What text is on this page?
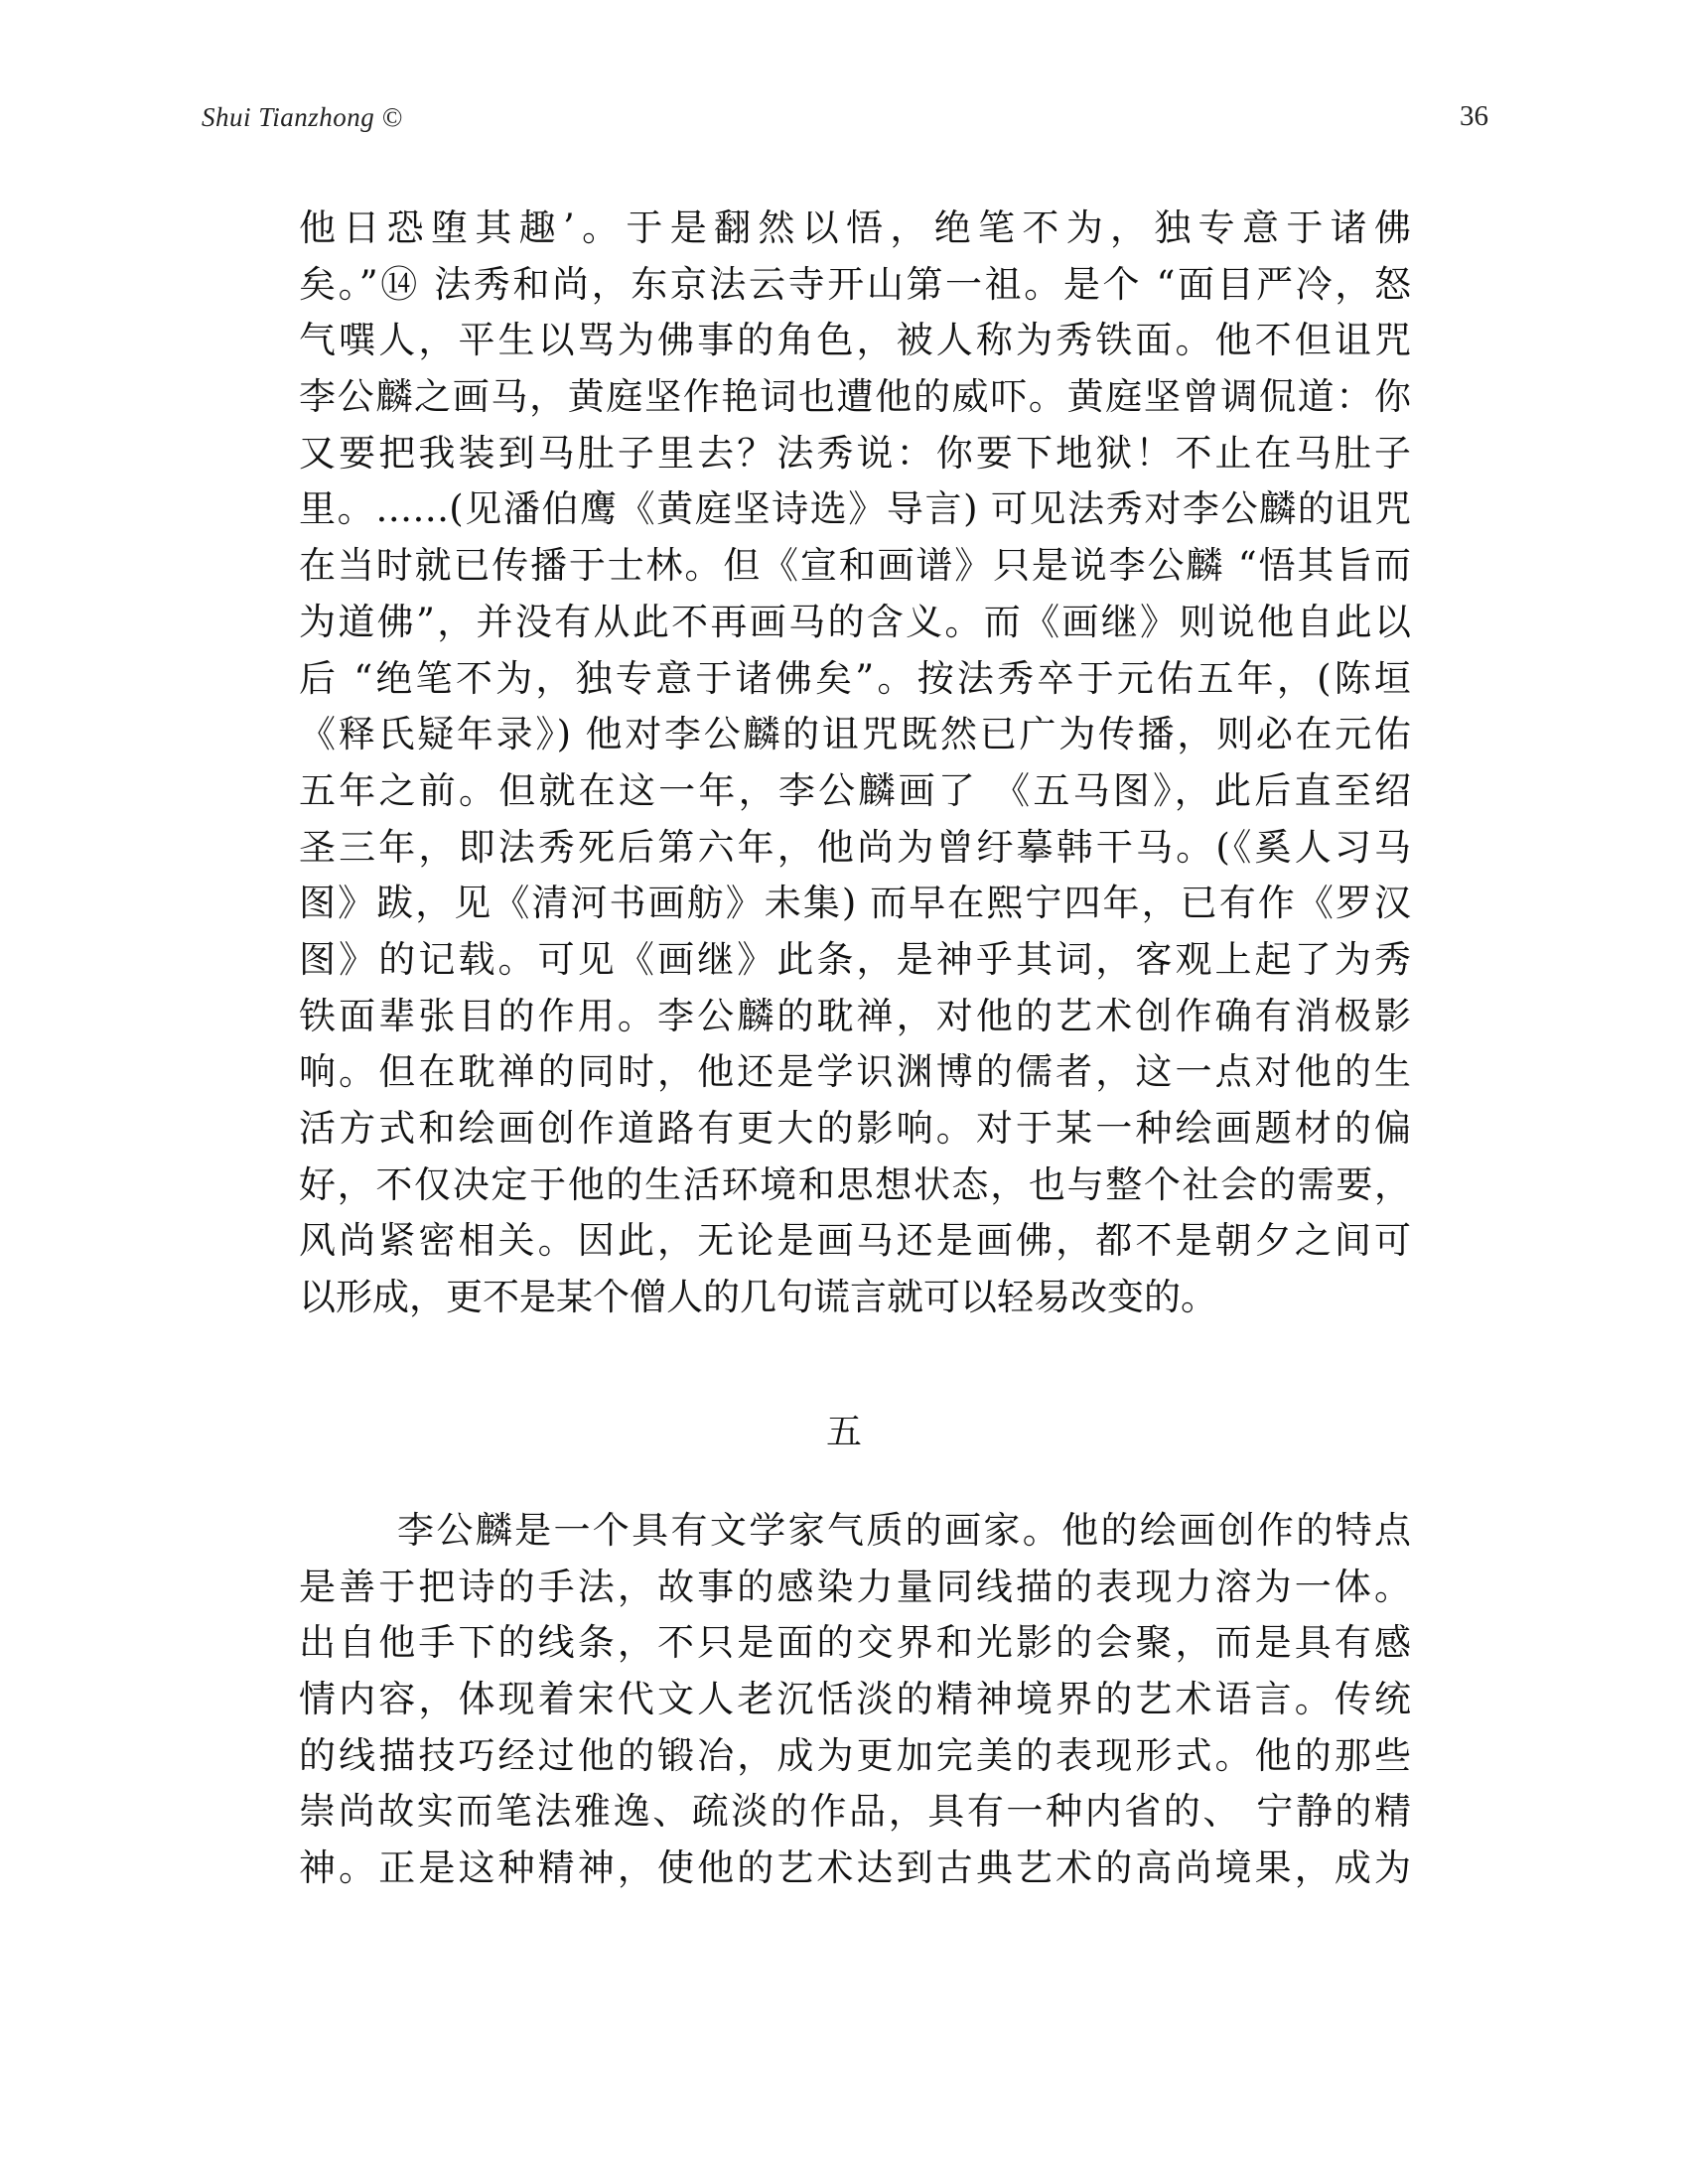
Shui Tianzhong ©	36
他日恐堕其趣’。于是翻然以悟，绝笔不为，独专意于诸佛
矣。”⑭ 法秀和尚，东京法云寺开山第一祖。是个 “面目严冷，怒
气噀人，平生以骂为佛事的角色，被人称为秀铁面。他不但诅咒
李公麟之画马，黄庭坚作艳词也遭他的威吓。黄庭坚曾调侃道：你
又要把我装到马肚子里去？法秀说：你要下地狱！不止在马肚子
里。……(见潘伯鹰《黄庭坚诗选》导言) 可见法秀对李公麟的诅咒
在当时就已传播于士林。但《宣和画谱》只是说李公麟 “悟其旨而
为道佛”，并没有从此不再画马的含义。而《画继》则说他自此以
后 “绝笔不为，独专意于诸佛矣”。按法秀卒于元佑五年，(陈垣
《释氏疑年录》) 他对李公麟的诅咒既然已广为传播，则必在元佑
五年之前。但就在这一年，李公麟画了 《五马图》，此后直至绍
圣三年，即法秀死后第六年，他尚为曾纡摹韩干马。(《奚人习马
图》跋，见《清河书画舫》未集) 而早在熙宁四年，已有作《罗汉
图》的记载。可见《画继》此条，是神乎其词，客观上起了为秀
铁面辈张目的作用。李公麟的耽禅，对他的艺术创作确有消极影
响。但在耽禅的同时，他还是学识渊博的儒者，这一点对他的生
活方式和绘画创作道路有更大的影响。对于某一种绘画题材的偏
好，不仅决定于他的生活环境和思想状态，也与整个社会的需要，
风尚紧密相关。因此，无论是画马还是画佛，都不是朝夕之间可
以形成，更不是某个僧人的几句谎言就可以轻易改变的。
五
李公麟是一个具有文学家气质的画家。他的绘画创作的特点
是善于把诗的手法，故事的感染力量同线描的表现力溶为一体。
出自他手下的线条，不只是面的交界和光影的会聚，而是具有感
情内容，体现着宋代文人老沉恬淡的精神境界的艺术语言。传统
的线描技巧经过他的锻冶，成为更加完美的表现形式。他的那些
崇尚故实而笔法雅逸、疏淡的作品，具有一种内省的、 宁静的精
神。正是这种精神，使他的艺术达到古典艺术的高尚境果，成为
